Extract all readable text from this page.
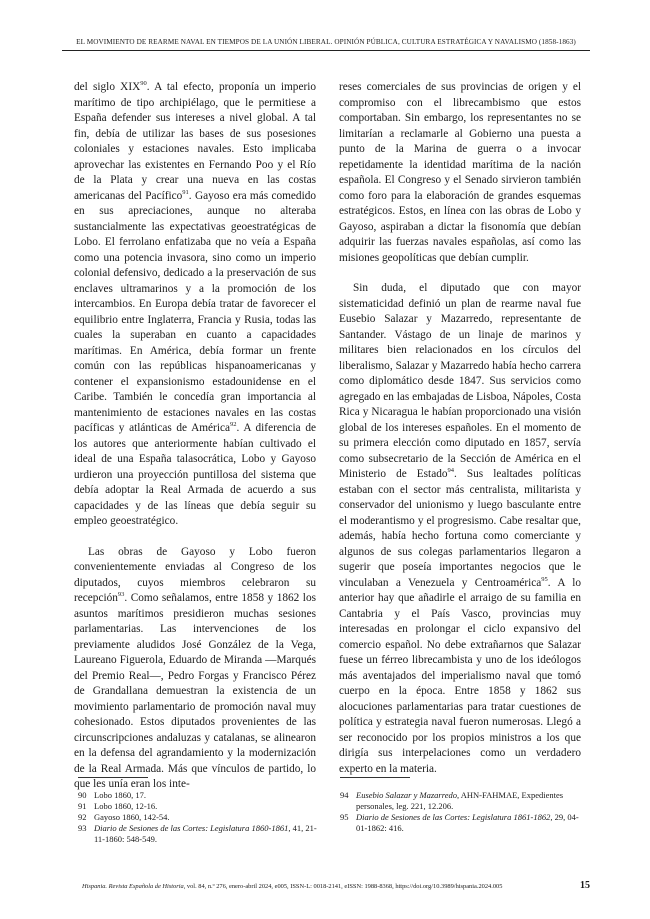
EL MOVIMIENTO DE REARME NAVAL EN TIEMPOS DE LA UNIÓN LIBERAL. OPINIÓN PÚBLICA, CULTURA ESTRATÉGICA Y NAVALISMO (1858-1863)

del siglo XIX$^{90}$. A tal efecto, proponía un imperio marítimo de tipo archipiélago, que le permitiese a España defender sus intereses a nivel global. A tal fin, debía de utilizar las bases de sus posesiones coloniales y estaciones navales. Esto implicaba aprovechar las existentes en Fernando Poo y el Río de la Plata y crear una nueva en las costas americanas del Pacífico$^{91}$. Gayoso era más comedido en sus apreciaciones, aunque no alteraba sustancialmente las expectativas geoestratégicas de Lobo. El ferrolano enfatizaba que no veía a España como una potencia invasora, sino como un imperio colonial defensivo, dedicado a la preservación de sus enclaves ultramarinos y a la promoción de los intercambios. En Europa debía tratar de favorecer el equilibrio entre Inglaterra, Francia y Rusia, todas las cuales la superaban en cuanto a capacidades marítimas. En América, debía formar un frente común con las repúblicas hispanoamericanas y contener el expansionismo estadounidense en el Caribe. También le concedía gran importancia al mantenimiento de estaciones navales en las costas pacíficas y atlánticas de América$^{92}$. A diferencia de los autores que anteriormente habían cultivado el ideal de una España talasocrática, Lobo y Gayoso urdieron una proyección puntillosa del sistema que debía adoptar la Real Armada de acuerdo a sus capacidades y de las líneas que debía seguir su empleo geoestratégico.

Las obras de Gayoso y Lobo fueron convenientemente enviadas al Congreso de los diputados, cuyos miembros celebraron su recepción$^{93}$. Como señalamos, entre 1858 y 1862 los asuntos marítimos presidieron muchas sesiones parlamentarias. Las intervenciones de los previamente aludidos José González de la Vega, Laureano Figuerola, Eduardo de Miranda —Marqués del Premio Real—, Pedro Forgas y Francisco Pérez de Grandallana demuestran la existencia de un movimiento parlamentario de promoción naval muy cohesionado. Estos diputados provenientes de las circunscripciones andaluzas y catalanas, se alinearon en la defensa del agrandamiento y la modernización de la Real Armada. Más que vínculos de partido, lo que les unía eran los inte-

reses comerciales de sus provincias de origen y el compromiso con el librecambismo que estos comportaban. Sin embargo, los representantes no se limitarían a reclamarle al Gobierno una puesta a punto de la Marina de guerra o a invocar repetidamente la identidad marítima de la nación española. El Congreso y el Senado sirvieron también como foro para la elaboración de grandes esquemas estratégicos. Estos, en línea con las obras de Lobo y Gayoso, aspiraban a dictar la fisonomía que debían adquirir las fuerzas navales españolas, así como las misiones geopolíticas que debían cumplir.

Sin duda, el diputado que con mayor sistematicidad definió un plan de rearme naval fue Eusebio Salazar y Mazarredo, representante de Santander. Vástago de un linaje de marinos y militares bien relacionados en los círculos del liberalismo, Salazar y Mazarredo había hecho carrera como diplomático desde 1847. Sus servicios como agregado en las embajadas de Lisboa, Nápoles, Costa Rica y Nicaragua le habían proporcionado una visión global de los intereses españoles. En el momento de su primera elección como diputado en 1857, servía como subsecretario de la Sección de América en el Ministerio de Estado$^{94}$. Sus lealtades políticas estaban con el sector más centralista, militarista y conservador del unionismo y luego basculante entre el moderantismo y el progresismo. Cabe resaltar que, además, había hecho fortuna como comerciante y algunos de sus colegas parlamentarios llegaron a sugerir que poseía importantes negocios que le vinculaban a Venezuela y Centroamérica$^{95}$. A lo anterior hay que añadirle el arraigo de su familia en Cantabria y el País Vasco, provincias muy interesadas en prolongar el ciclo expansivo del comercio español. No debe extrañarnos que Salazar fuese un férreo librecambista y uno de los ideólogos más aventajados del imperialismo naval que tomó cuerpo en la época. Entre 1858 y 1862 sus alocuciones parlamentarias para tratar cuestiones de política y estrategia naval fueron numerosas. Llegó a ser reconocido por los propios ministros a los que dirigía sus interpelaciones como un verdadero experto en la materia.

90 Lobo 1860, 17.
91 Lobo 1860, 12-16.
92 Gayoso 1860, 142-54.
93 Diario de Sesiones de las Cortes: Legislatura 1860-1861, 41, 21-11-1860: 548-549.
94 Eusebio Salazar y Mazarredo, AHN-FAHMAE, Expedientes personales, leg. 221, 12.206.
95 Diario de Sesiones de las Cortes: Legislatura 1861-1862, 29, 04-01-1862: 416.
Hispania. Revista Española de Historia, vol. 84, n.º 276, enero-abril 2024, e005, ISSN-L: 0018-2141, eISSN: 1988-8368, https://doi.org/10.3989/hispania.2024.005	15
